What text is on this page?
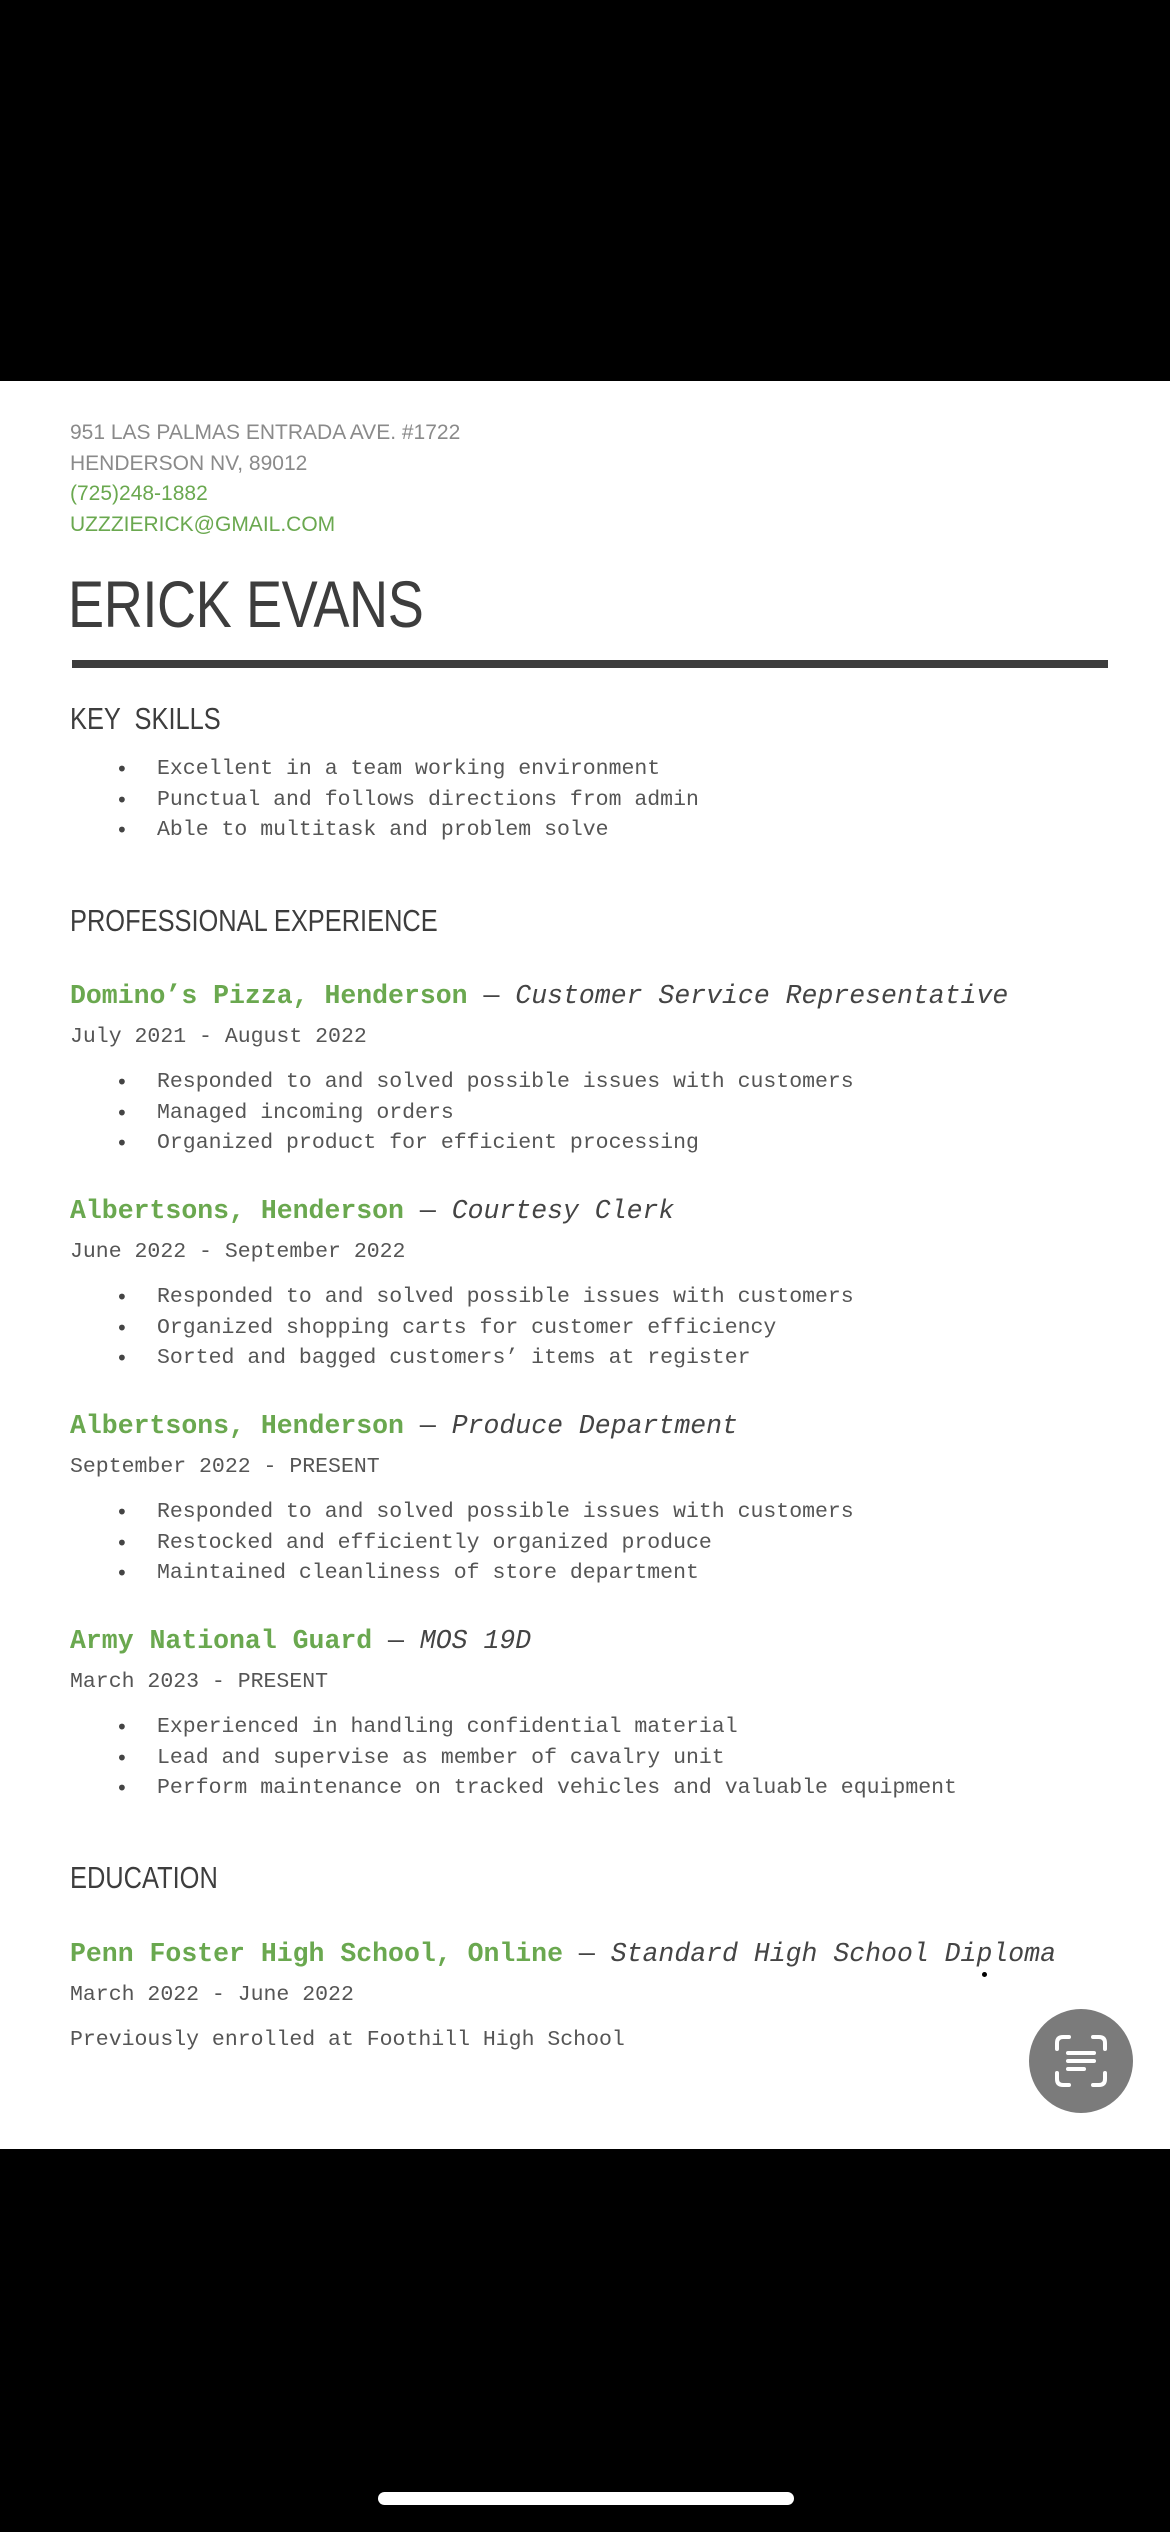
951 LAS PALMAS ENTRADA AVE. #1722
HENDERSON NV, 89012
(725)248-1882
UZZZIERICK@GMAIL.COM
ERICK EVANS
KEY  SKILLS
• Excellent in a team working environment
• Punctual and follows directions from admin
• Able to multitask and problem solve
PROFESSIONAL EXPERIENCE
Domino’s Pizza, Henderson — Customer Service Representative
July 2021 - August 2022
• Responded to and solved possible issues with customers
• Managed incoming orders
• Organized product for efficient processing
Albertsons, Henderson — Courtesy Clerk
June 2022 - September 2022
• Responded to and solved possible issues with customers
• Organized shopping carts for customer efficiency
• Sorted and bagged customers’ items at register
Albertsons, Henderson — Produce Department
September 2022 - PRESENT
• Responded to and solved possible issues with customers
• Restocked and efficiently organized produce
• Maintained cleanliness of store department
Army National Guard — MOS 19D
March 2023 - PRESENT
• Experienced in handling confidential material
• Lead and supervise as member of cavalry unit
• Perform maintenance on tracked vehicles and valuable equipment
EDUCATION
Penn Foster High School, Online — Standard High School Diploma
March 2022 - June 2022
Previously enrolled at Foothill High School
